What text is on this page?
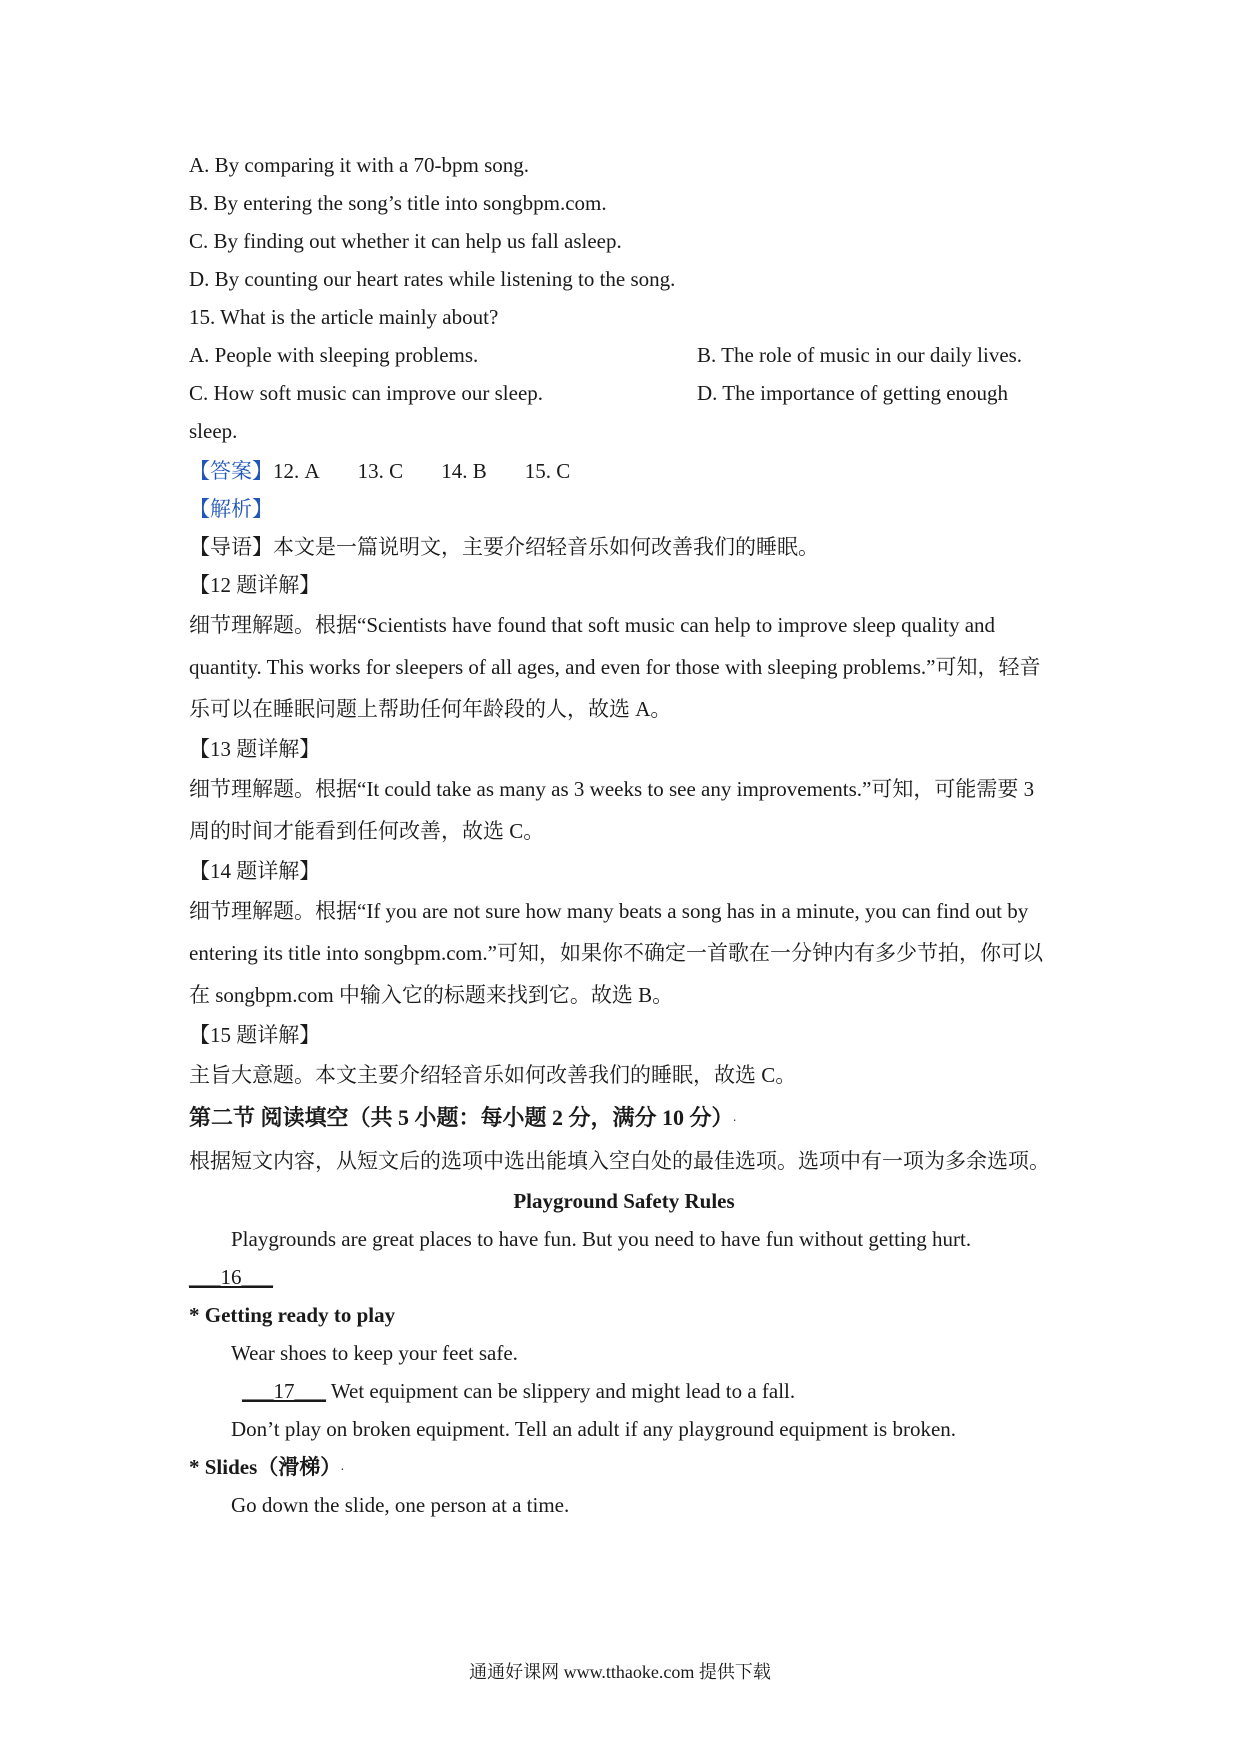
A. By comparing it with a 70-bpm song.
B. By entering the song’s title into songbpm.com.
C. By finding out whether it can help us fall asleep.
D. By counting our heart rates while listening to the song.
15. What is the article mainly about?
A. People with sleeping problems.	B. The role of music in our daily lives.
C. How soft music can improve our sleep.	D. The importance of getting enough
sleep.
【答案】12. A 13. C 14. B 15. C
【解析】
【导语】本文是一篇说明文，主要介绍轻音乐如何改善我们的睡眠。
【12 题详解】
细节理解题。根据“Scientists have found that soft music can help to improve sleep quality and quantity. This works for sleepers of all ages, and even for those with sleeping problems.”可知，轻音乐可以在睡眠问题上帮助任何年龄段的人，故选 A。
【13 题详解】
细节理解题。根据“It could take as many as 3 weeks to see any improvements.”可知，可能需要 3 周的时间才能看到任何改善，故选 C。
【14 题详解】
细节理解题。根据“If you are not sure how many beats a song has in a minute, you can find out by entering its title into songbpm.com.”可知，如果你不确定一首歌在一分钟内有多少节拍，你可以在 songbpm.com 中输入它的标题来找到它。故选 B。
【15 题详解】
主旨大意题。本文主要介绍轻音乐如何改善我们的睡眠，故选 C。
第二节 阅读填空（共 5 小题：每小题 2 分，满分 10 分）.
根据短文内容，从短文后的选项中选出能填入空白处的最佳选项。选项中有一项为多余选项。
Playground Safety Rules
Playgrounds are great places to have fun. But you need to have fun without getting hurt.
___16___
* Getting ready to play
Wear shoes to keep your feet safe.
___17___ Wet equipment can be slippery and might lead to a fall.
Don’t play on broken equipment. Tell an adult if any playground equipment is broken.
* Slides（滑梯）.
Go down the slide, one person at a time.
通通好课网 www.tthaoke.com 提供下载
